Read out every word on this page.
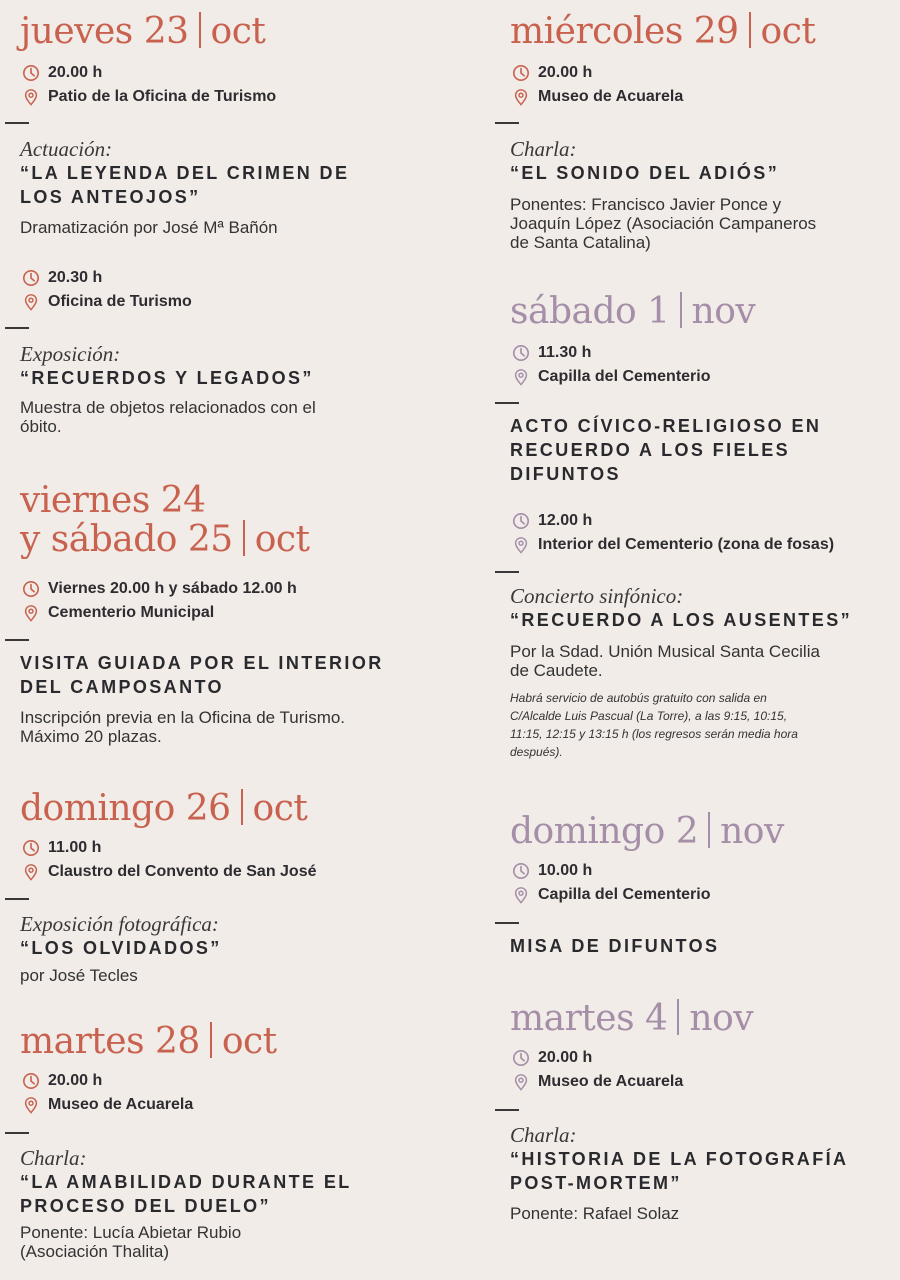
jueves 23 oct
20.00 h
Patio de la Oficina de Turismo
Actuación:
“LA LEYENDA DEL CRIMEN DE
LOS ANTEOJOS”
Dramatización por José Mª Bañón
20.30 h
Oficina de Turismo
Exposición:
“RECUERDOS Y LEGADOS”
Muestra de objetos relacionados con el
óbito.
viernes 24
y sábado 25 oct
Viernes 20.00 h y sábado 12.00 h
Cementerio Municipal
VISITA GUIADA POR EL INTERIOR
DEL CAMPOSANTO
Inscripción previa en la Oficina de Turismo.
Máximo 20 plazas.
domingo 26 oct
11.00 h
Claustro del Convento de San José
Exposición fotográfica:
“LOS OLVIDADOS”
por José Tecles
martes 28 oct
20.00 h
Museo de Acuarela
Charla:
“LA AMABILIDAD DURANTE EL
PROCESO DEL DUELO”
Ponente: Lucía Abietar Rubio
(Asociación Thalita)
miércoles 29 oct
20.00 h
Museo de Acuarela
Charla:
“EL SONIDO DEL ADIÓS”
Ponentes: Francisco Javier Ponce y
Joaquín López (Asociación Campaneros
de Santa Catalina)
sábado 1 nov
11.30 h
Capilla del Cementerio
ACTO CÍVICO-RELIGIOSO EN
RECUERDO A LOS FIELES
DIFUNTOS
12.00 h
Interior del Cementerio (zona de fosas)
Concierto sinfónico:
“RECUERDO A LOS AUSENTES”
Por la Sdad. Unión Musical Santa Cecilia
de Caudete.
Habrá servicio de autobús gratuito con salida en
C/Alcalde Luis Pascual (La Torre), a las 9:15, 10:15,
11:15, 12:15 y 13:15 h (los regresos serán media hora
después).
domingo 2 nov
10.00 h
Capilla del Cementerio
MISA DE DIFUNTOS
martes 4 nov
20.00 h
Museo de Acuarela
Charla:
“HISTORIA DE LA FOTOGRAFÍA
POST-MORTEM”
Ponente: Rafael Solaz
